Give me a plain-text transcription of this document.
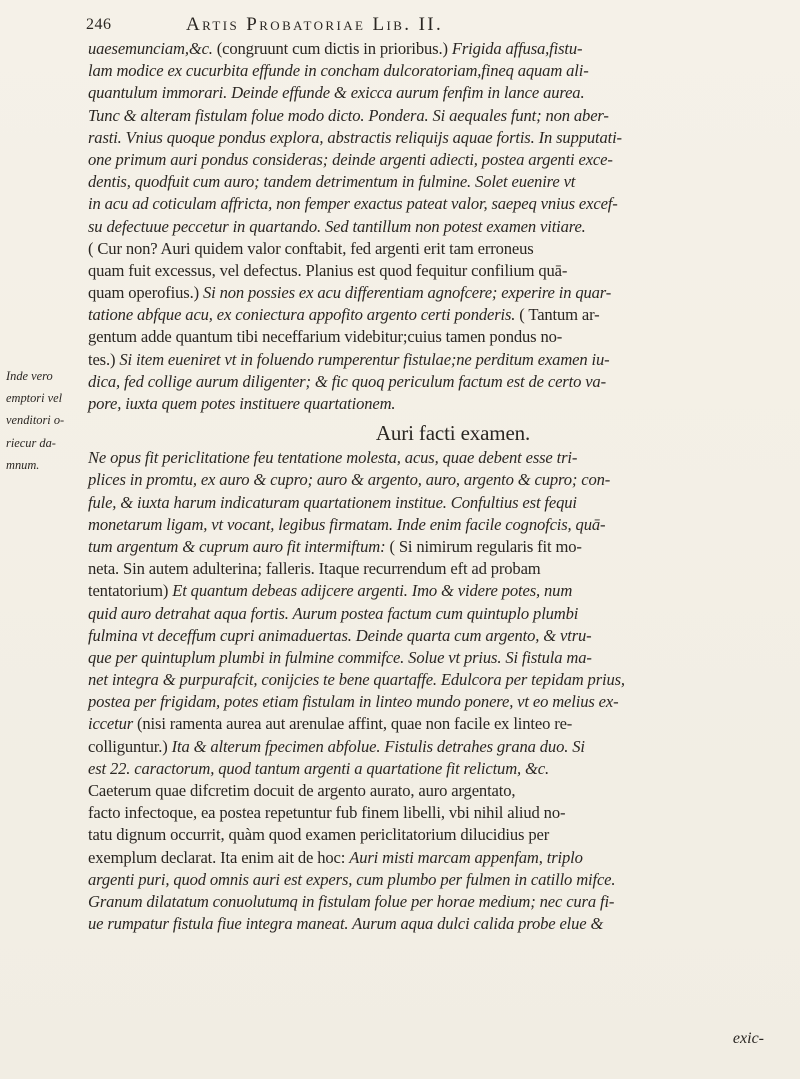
246	Artis Probatoriae Lib. II.
Inde vero
emptori vel
venditori o-
riecur da-
mnum.
uaesemunciam,&c. (congruunt cum dictis in prioribus.) Frigida affusa,fistu-
lam modice ex cucurbita effunde in concham dulcoratoriam,fineq aquam ali-
quantulum immorari. Deinde effunde & exicca aurum fenfim in lance aurea.
Tunc & alteram fistulam folue modo dicto. Pondera. Si aequales funt; non aber-
rasti. Vnius quoque pondus explora, abstractis reliquijs aquae fortis. In supputati-
one primum auri pondus consideras; deinde argenti adiecti, postea argenti exce-
dentis, quodfuit cum auro; tandem detrimentum in fulmine. Solet euenire vt
in acu ad coticulam affricta, non femper exactus pateat valor, saepeq vnius excef-
su defectuue peccetur in quartando. Sed tantillum non potest examen vitiare.
( Cur non? Auri quidem valor conftabit, fed argenti erit tam erroneus
quam fuit excessus, vel defectus. Planius est quod fequitur confilium quā-
quam operofius.) Si non possies ex acu differentiam agnofcere; experire in quar-
tatione abfque acu, ex coniectura appofito argento certi ponderis. ( Tantum ar-
gentum adde quantum tibi neceffarium videbitur;cuius tamen pondus no-
tes.) Si item eueniret vt in foluendo rumperentur fistulae;ne perditum examen iu-
dica, fed collige aurum diligenter; & fic quoq periculum factum est de certo va-
pore, iuxta quem potes instituere quartationem.
Auri facti examen.
Ne opus fit periclitatione feu tentatione molesta, acus, quae debent esse tri-
plices in promtu, ex auro & cupro; auro & argento, auro, argento & cupro; con-
fule, & iuxta harum indicaturam quartationem instituе. Confultius est fequi
monetarum ligam, vt vocant, legibus firmatam. Inde enim facile cognofcis, quā-
tum argentum & cuprum auro fit intermiftum: ( Si nimirum regularis fit mo-
neta. Sin autem adulterina; falleris. Itaque recurrendum eft ad probam
tentatorium) Et quantum debeas adijcere argenti. Imo & videre potes, num
quid auro detrahat aqua fortis. Aurum postea factum cum quintuplo plumbi
fulmina vt deceffum cupri animaduertas. Deinde quarta cum argento, & vtru-
que per quintuplum plumbi in fulmine commifce. Solue vt prius. Si fistula ma-
net integra & purpurafcit, conijcies te bene quartaffe. Edulcora per tepidam prius,
postea per frigidam, potes etiam fistulam in linteo mundo ponere, vt eo melius ex-
iccetur (nisi ramenta aurea aut arenulae affint, quae non facile ex linteo re-
colliguntur.) Ita & alterum fpecimen abfolue. Fistulis detrahes grana duo. Si
est 22. caractorum, quod tantum argenti a quartatione fit relictum, &c.
Caeterum quae difcretim docuit de argento aurato, auro argentato,
facto infectoque, ea postea repetuntur fub finem libelli, vbi nihil aliud no-
tatu dignum occurrit, quàm quod examen periclitatorium dilucidius per
exemplum declarat. Ita enim ait de hoc: Auri misti marcam appenfam, triplo
argenti puri, quod omnis auri est expers, cum plumbo per fulmen in catillo mifce.
Granum dilatatum conuolutumq in fistulam folue per horae medium; nec cura fi-
ue rumpatur fistula fiue integra maneat. Aurum aqua dulci calida probe elue &
exic-
